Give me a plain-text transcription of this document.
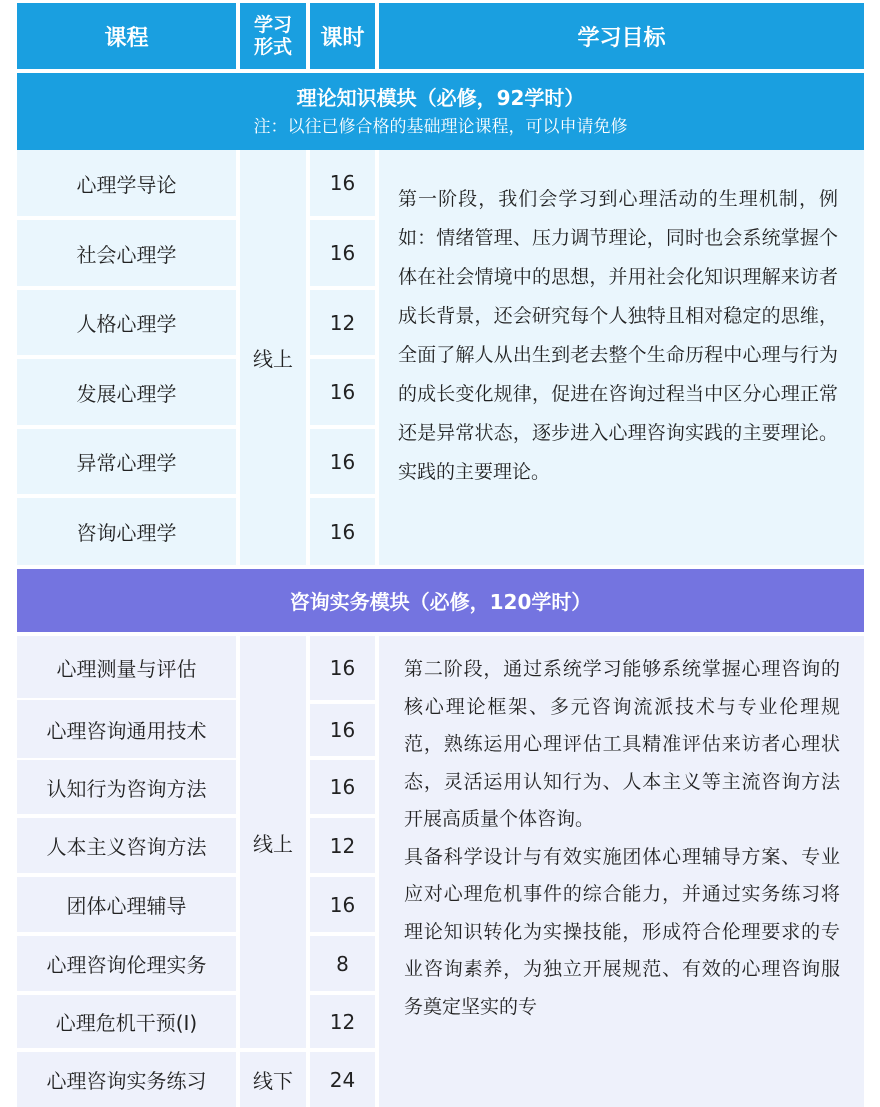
课程
学习
形式	课时	学习目标
理论知识模块（必修，92学时）
注：以往已修合格的基础理论课程，可以申请免修
心理学导论
社会心理学
人格心理学
发展心理学
异常心理学
咨询心理学
线上
16
16
12
16
16
16

第一阶段，我们会学习到心理活动的生理机制，例如：情绪管理、压力调节理论，同时也会系统掌握个体在社会情境中的思想，并用社会化知识理解来访者成长背景，还会研究每个人独特且相对稳定的思维，全面了解人从出生到老去整个生命历程中心理与行为的成长变化规律，促进在咨询过程当中区分心理正常还是异常状态，逐步进入心理咨询实践的主要理论。实践的主要理论。

咨询实务模块（必修，120学时）
心理测量与评估
心理咨询通用技术
认知行为咨询方法
人本主义咨询方法
团体心理辅导
心理咨询伦理实务
心理危机干预(Ⅰ)
心理咨询实务练习
线上
线下
16
16
16
12
16
8
12
24

第二阶段，通过系统学习能够系统掌握心理咨询的核心理论框架、多元咨询流派技术与专业伦理规范，熟练运用心理评估工具精准评估来访者心理状态，灵活运用认知行为、人本主义等主流咨询方法开展高质量个体咨询。

具备科学设计与有效实施团体心理辅导方案、专业应对心理危机事件的综合能力，并通过实务练习将理论知识转化为实操技能，形成符合伦理要求的专业咨询素养，为独立开展规范、有效的心理咨询服务奠定坚实的专
